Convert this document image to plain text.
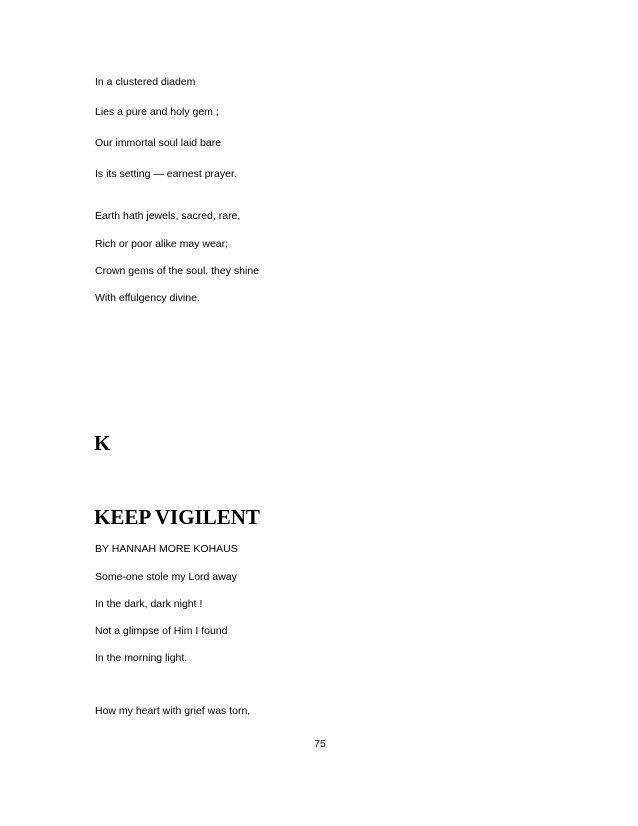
In a clustered diadem
Lies a pure and holy gem ;
Our immortal soul laid bare
Is its setting — earnest prayer.
Earth hath jewels, sacred, rare,
Rich or poor alike may wear;
Crown gems of the soul, they shine
With effulgency divine.
K
KEEP VIGILENT
BY HANNAH MORE KOHAUS
Some-one stole my Lord away
In the dark, dark night !
Not a glimpse of Him I found
In the morning light.
How my heart with grief was torn,
75
